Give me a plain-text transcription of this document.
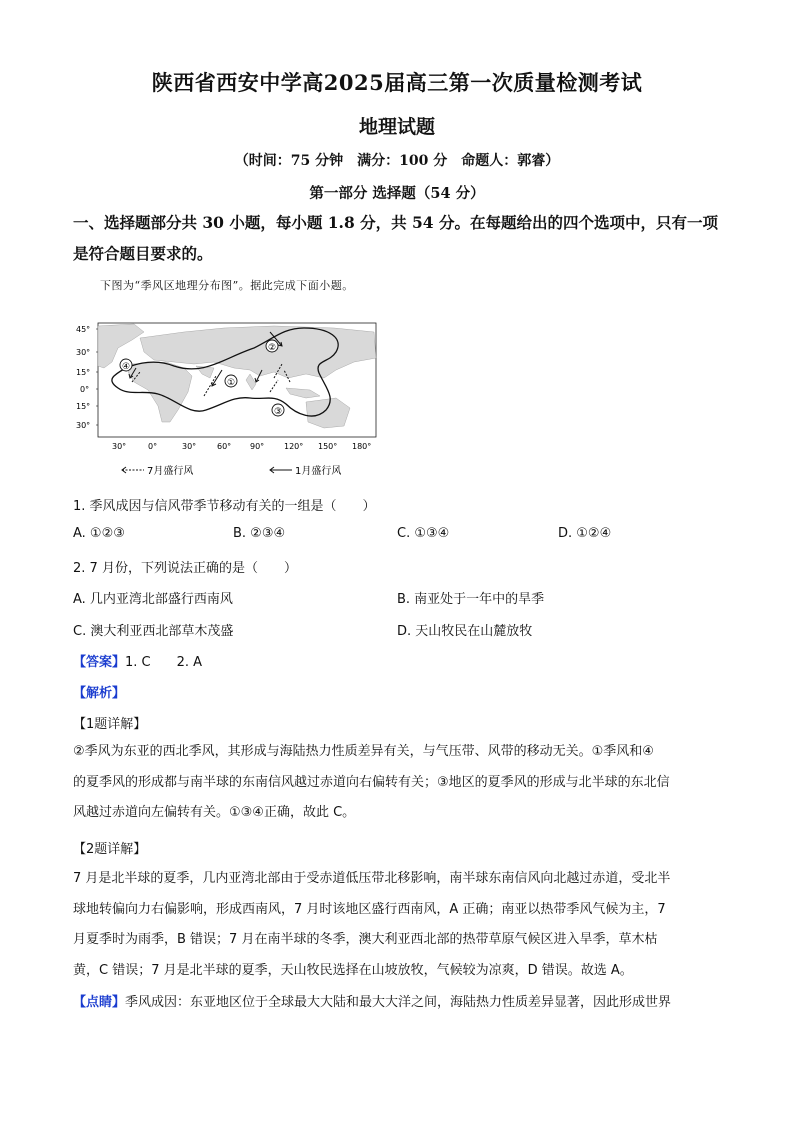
陕西省西安中学高2025届高三第一次质量检测考试
地理试题
（时间：75 分钟　满分：100 分　命题人：郭睿）
第一部分 选择题（54 分）
一、选择题部分共 30 小题，每小题 1.8 分，共 54 分。在每题给出的四个选项中，只有一项
是符合题目要求的。
下图为“季风区地理分布图”。据此完成下面小题。
45°
30°
15°
0°
15°
30°
30°	0°	30°	60° 90° 120° 150° 180°
①
②
③
④
7月盛行风	1月盛行风
1. 季风成因与信风带季节移动有关的一组是（　　）
A. ①②③	B. ②③④	C. ①③④	D. ①②④
2. 7 月份，下列说法正确的是（　　）
A. 几内亚湾北部盛行西南风	B. 南亚处于一年中的旱季
C. 澳大利亚西北部草木茂盛	D. 天山牧民在山麓放牧
【答案】1. C　　2. A
【解析】
【1题详解】
②季风为东亚的西北季风，其形成与海陆热力性质差异有关，与气压带、风带的移动无关。①季风和④
的夏季风的形成都与南半球的东南信风越过赤道向右偏转有关；③地区的夏季风的形成与北半球的东北信
风越过赤道向左偏转有关。①③④正确，故此 C。
【2题详解】
7 月是北半球的夏季，几内亚湾北部由于受赤道低压带北移影响，南半球东南信风向北越过赤道，受北半
球地转偏向力右偏影响，形成西南风，7 月时该地区盛行西南风，A 正确；南亚以热带季风气候为主，7
月夏季时为雨季，B 错误；7 月在南半球的冬季，澳大利亚西北部的热带草原气候区进入旱季，草木枯
黄，C 错误；7 月是北半球的夏季，天山牧民选择在山坡放牧，气候较为凉爽，D 错误。故选 A。
【点睛】季风成因：东亚地区位于全球最大大陆和最大大洋之间，海陆热力性质差异显著，因此形成世界
